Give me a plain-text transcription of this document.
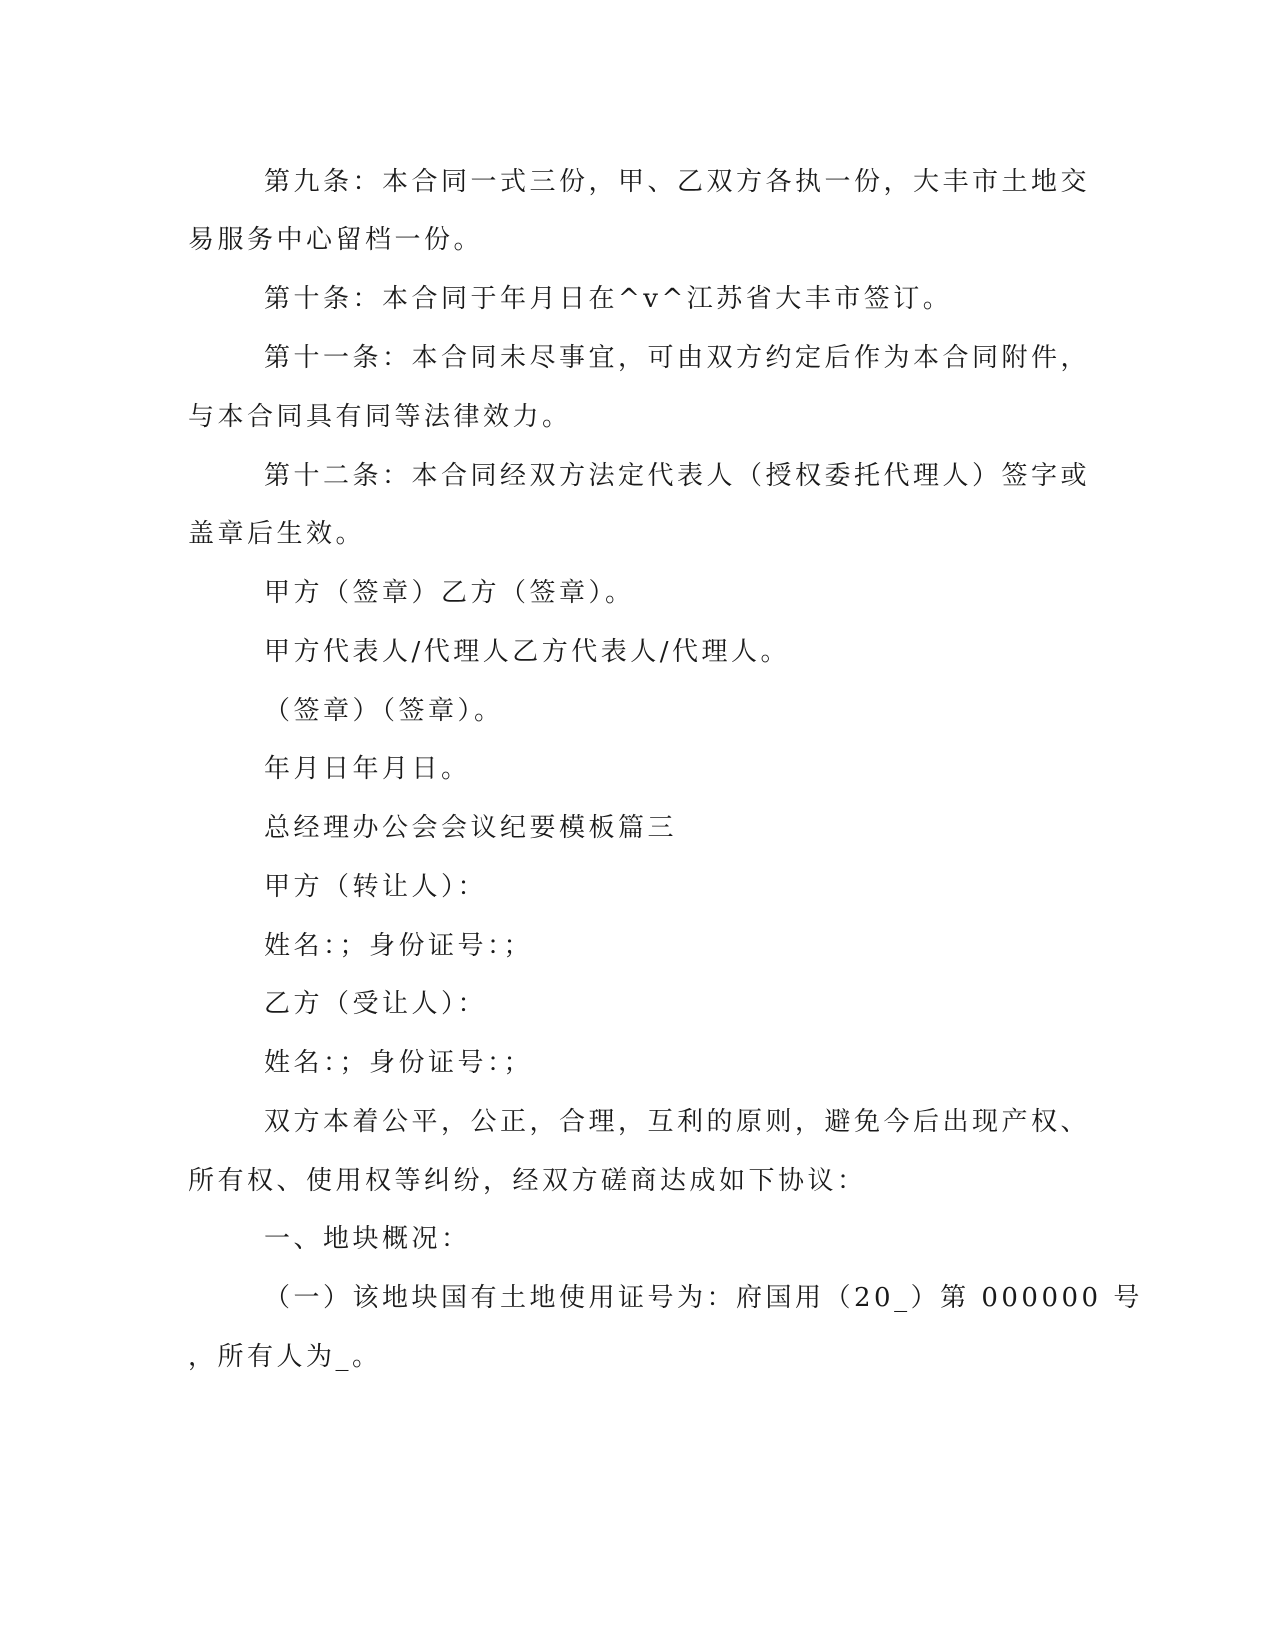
第九条：本合同一式三份，甲、乙双方各执一份，大丰市土地交
易服务中心留档一份。
第十条：本合同于年月日在^v^江苏省大丰市签订。
第十一条：本合同未尽事宜，可由双方约定后作为本合同附件，
与本合同具有同等法律效力。
第十二条：本合同经双方法定代表人（授权委托代理人）签字或
盖章后生效。
甲方（签章）乙方（签章）。
甲方代表人/代理人乙方代表人/代理人。
（签章）（签章）。
年月日年月日。
总经理办公会会议纪要模板篇三
甲方（转让人）：
姓名：；身份证号：；
乙方（受让人）：
姓名：；身份证号：；
双方本着公平，公正，合理，互利的原则，避免今后出现产权、
所有权、使用权等纠纷，经双方磋商达成如下协议：
一、地块概况：
（一）该地块国有土地使用证号为：府国用（20_）第 000000 号
，所有人为_。
